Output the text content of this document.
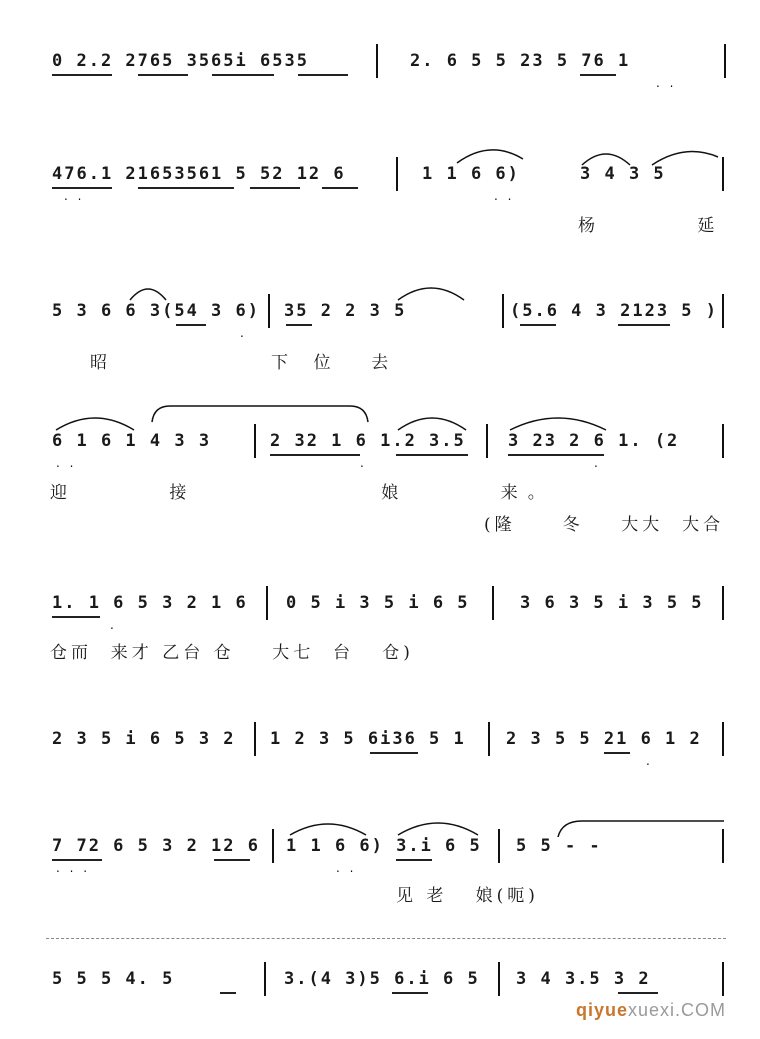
0 2.2 2765 3565i 6535	2. 6 5 5 23 5 76 1
. .
476.1 21653561 5 52 12 6	1 1 6 6)	3 4 3 5
. .	. .
杨      延
5 3 6 6 3(54 3 6) 35 2 2 3 5	(5.6 4 3 2123 5 )
.
昭          下 位  去
6 1 6 1 4 3 3	2 32 1 6 1.2 3.5 3 23 2 6 1. (2
. .	.	.
迎      接            娘      来。
(隆     冬    大大  大合
1. 1 6 5 3 2 1 6 0 5 i 3 5 i 6 5	3 6 3 5 i 3 5 5
.
仓而  来才 乙台 仓    大七  台   仓)
2 3 5 i 6 5 3 2 1 2 3 5 6i36 5 1 2 3 5 5 21 6 1 2
.
7 72 6 5 3 2 12 6 1 1 6 6) 3.i 6 5 5 5 - -
. . .	. .
见 老   娘(呃)
5 5 5 4. 5	3.(4 3)5 6.i 6 5 3 4 3.5 3 2
qiyuexuexi.COM
